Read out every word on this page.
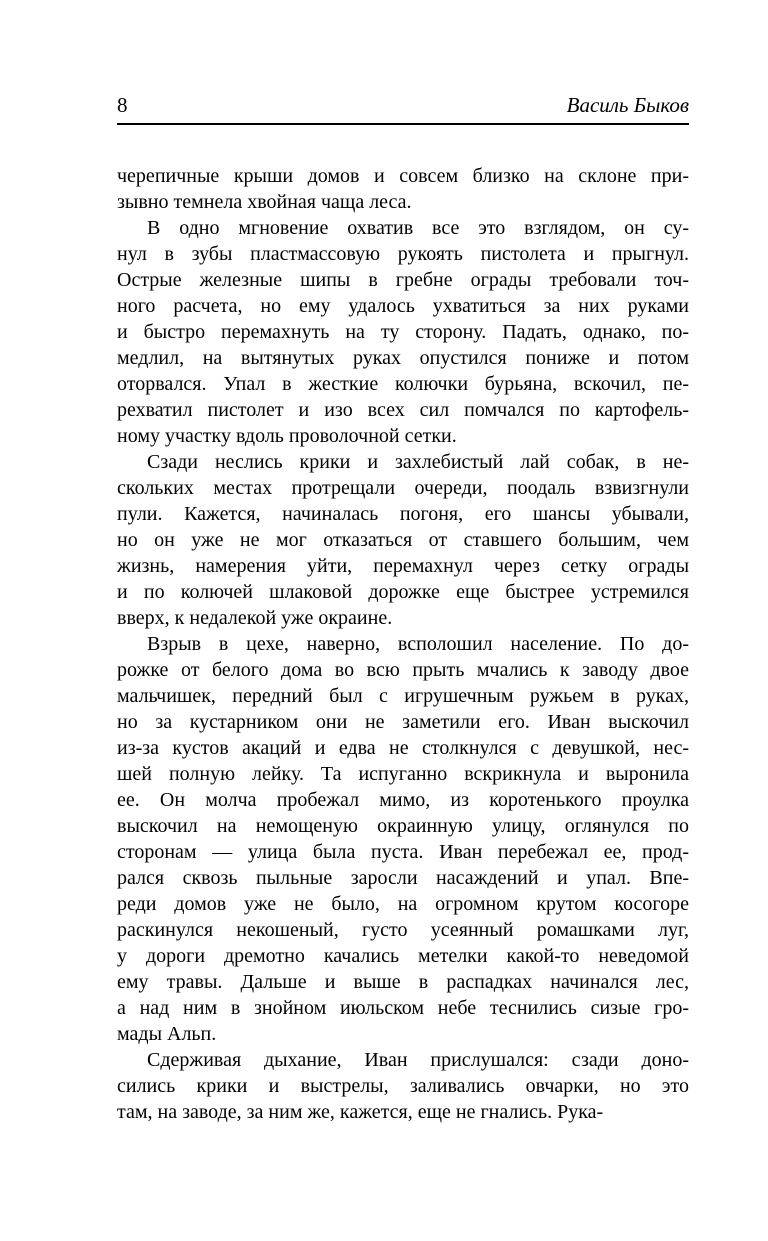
8	Василь Быков

черепичные крыши домов и совсем близко на склоне при-
зывно темнела хвойная чаща леса.

В одно мгновение охватив все это взглядом, он су-
нул в зубы пластмассовую рукоять пистолета и прыгнул.
Острые железные шипы в гребне ограды требовали точ-
ного расчета, но ему удалось ухватиться за них руками
и быстро перемахнуть на ту сторону. Падать, однако, по-
медлил, на вытянутых руках опустился пониже и потом
оторвался. Упал в жесткие колючки бурьяна, вскочил, пе-
рехватил пистолет и изо всех сил помчался по картофель-
ному участку вдоль проволочной сетки.

Сзади неслись крики и захлебистый лай собак, в не-
скольких местах протрещали очереди, поодаль взвизгнули
пули. Кажется, начиналась погоня, его шансы убывали,
но он уже не мог отказаться от ставшего большим, чем
жизнь, намерения уйти, перемахнул через сетку ограды
и по колючей шлаковой дорожке еще быстрее устремился
вверх, к недалекой уже окраине.

Взрыв в цехе, наверно, всполошил население. По до-
рожке от белого дома во всю прыть мчались к заводу двое
мальчишек, передний был с игрушечным ружьем в руках,
но за кустарником они не заметили его. Иван выскочил
из-за кустов акаций и едва не столкнулся с девушкой, нес-
шей полную лейку. Та испуганно вскрикнула и выронила
ее. Он молча пробежал мимо, из коротенького проулка
выскочил на немощеную окраинную улицу, оглянулся по
сторонам — улица была пуста. Иван перебежал ее, прод-
рался сквозь пыльные заросли насаждений и упал. Впе-
реди домов уже не было, на огромном крутом косогоре
раскинулся некошеный, густо усеянный ромашками луг,
у дороги дремотно качались метелки какой-то неведомой
ему травы. Дальше и выше в распадках начинался лес,
а над ним в знойном июльском небе теснились сизые гро-
мады Альп.

Сдерживая дыхание, Иван прислушался: сзади доно-
сились крики и выстрелы, заливались овчарки, но это
там, на заводе, за ним же, кажется, еще не гнались. Рука-
